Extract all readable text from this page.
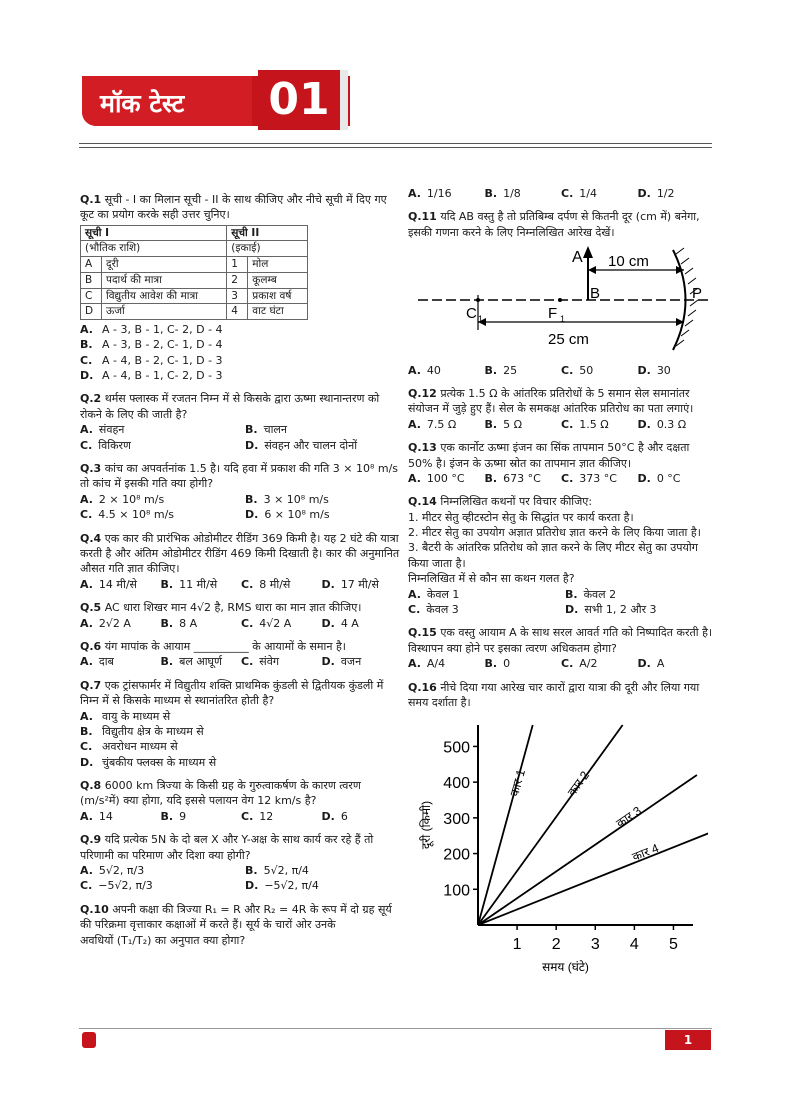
मॉक टेस्ट 01
Q.1 सूची - I का मिलान सूची - II के साथ कीजिए और नीचे सूची में दिए गए कूट का प्रयोग करके सही उत्तर चुनिए।
सूची I		सूची II	
(भौतिक राशि)		(इकाई)	
A	दूरी	1	मोल
B	पदार्थ की मात्रा	2	कूलम्ब
C	विद्युतीय आवेश की मात्रा	3	प्रकाश वर्ष
D	ऊर्जा	4	वाट घंटा
A. A - 3, B - 1, C- 2, D - 4
B. A - 3, B - 2, C- 1, D - 4
C. A - 4, B - 2, C- 1, D - 3
D. A - 4, B - 1, C- 2, D - 3
Q.2 थर्मस फ्लास्क में रजतन निम्न में से किसके द्वारा ऊष्मा स्थानान्तरण को रोकने के लिए की जाती है?
A. संवहन	B. चालन
C. विकिरण	D. संवहन और चालन दोनों
Q.3 कांच का अपवर्तनांक 1.5 है। यदि हवा में प्रकाश की गति 3 × 10⁸ m/s तो कांच में इसकी गति क्या होगी?
A. 2 × 10⁸ m/s	B. 3 × 10⁸ m/s
C. 4.5 × 10⁸ m/s	D. 6 × 10⁸ m/s
Q.4 एक कार की प्रारंभिक ओडोमीटर रीडिंग 369 किमी है। यह 2 घंटे की यात्रा करती है और अंतिम ओडोमीटर रीडिंग 469 किमी दिखाती है। कार की अनुमानित औसत गति ज्ञात कीजिए।
A. 14 मी/से	B. 11 मी/से	C. 8 मी/से	D. 17 मी/से
Q.5 AC धारा शिखर मान 4√2 है, RMS धारा का मान ज्ञात कीजिए।
A. 2√2 A	B. 8 A	C. 4√2 A	D. 4 A
Q.6 यंग मापांक के आयाम __________ के आयामों के समान है।
A. दाब	B. बल आघूर्ण	C. संवेग	D. वजन
Q.7 एक ट्रांसफार्मर में विद्युतीय शक्ति प्राथमिक कुंडली से द्वितीयक कुंडली में निम्न में से किसके माध्यम से स्थानांतरित होती है?
A. वायु के माध्यम से
B. विद्युतीय क्षेत्र के माध्यम से
C. अवरोधन माध्यम से
D. चुंबकीय फ्लक्स के माध्यम से
Q.8 6000 km त्रिज्या के किसी ग्रह के गुरुत्वाकर्षण के कारण त्वरण (m/s²में) क्या होगा, यदि इससे पलायन वेग 12 km/s है?
A. 14	B. 9	C. 12	D. 6
Q.9 यदि प्रत्येक 5N के दो बल X और Y-अक्ष के साथ कार्य कर रहे हैं तो परिणामी का परिमाण और दिशा क्या होगी?
A. 5√2, π/3	B. 5√2, π/4
C. −5√2, π/3	D. −5√2, π/4
Q.10 अपनी कक्षा की त्रिज्या R₁ = R और R₂ = 4R के रूप में दो ग्रह सूर्य की परिक्रमा वृत्ताकार कक्षाओं में करते हैं। सूर्य के चारों ओर उनके
अवधियों (T₁/T₂) का अनुपात क्या होगा?
A. 1/16	B. 1/8	C. 1/4	D. 1/2
Q.11 यदि AB वस्तु है तो प्रतिबिम्ब दर्पण से कितनी दूर (cm में) बनेगा, इसकी गणना करने के लिए निम्नलिखित आरेख देखें।
A
B	P
C 1	F 1
10 cm
25 cm
A. 40	B. 25	C. 50	D. 30
Q.12 प्रत्येक 1.5 Ω के आंतरिक प्रतिरोधों के 5 समान सेल समानांतर संयोजन में जुड़े हुए हैं। सेल के समकक्ष आंतरिक प्रतिरोध का पता लगाएं।
A. 7.5 Ω	B. 5 Ω	C. 1.5 Ω	D. 0.3 Ω
Q.13 एक कार्नोट ऊष्मा इंजन का सिंक तापमान 50°C है और दक्षता 50% है। इंजन के ऊष्मा स्रोत का तापमान ज्ञात कीजिए।
A. 100 °C	B. 673 °C	C. 373 °C	D. 0 °C
Q.14 निम्नलिखित कथनों पर विचार कीजिए:
1. मीटर सेतु व्हीटस्टोन सेतु के सिद्धांत पर कार्य करता है।
2. मीटर सेतु का उपयोग अज्ञात प्रतिरोध ज्ञात करने के लिए किया जाता है।
3. बैटरी के आंतरिक प्रतिरोध को ज्ञात करने के लिए मीटर सेतु का उपयोग किया जाता है।
निम्नलिखित में से कौन सा कथन गलत है?
A. केवल 1	B. केवल 2
C. केवल 3	D. सभी 1, 2 और 3
Q.15 एक वस्तु आयाम A के साथ सरल आवर्त गति को निष्पादित करती है। विस्थापन क्या होने पर इसका त्वरण अधिकतम होगा?
A. A/4	B. 0	C. A/2	D. A
Q.16 नीचे दिया गया आरेख चार कारों द्वारा यात्रा की दूरी और लिया गया समय दर्शाता है।
100
200
300
400
500
1 2 3 4 5
समय (घंटे)
दूरी (किमी)
कार 1	कार 2
कार 3
कार 4
1
